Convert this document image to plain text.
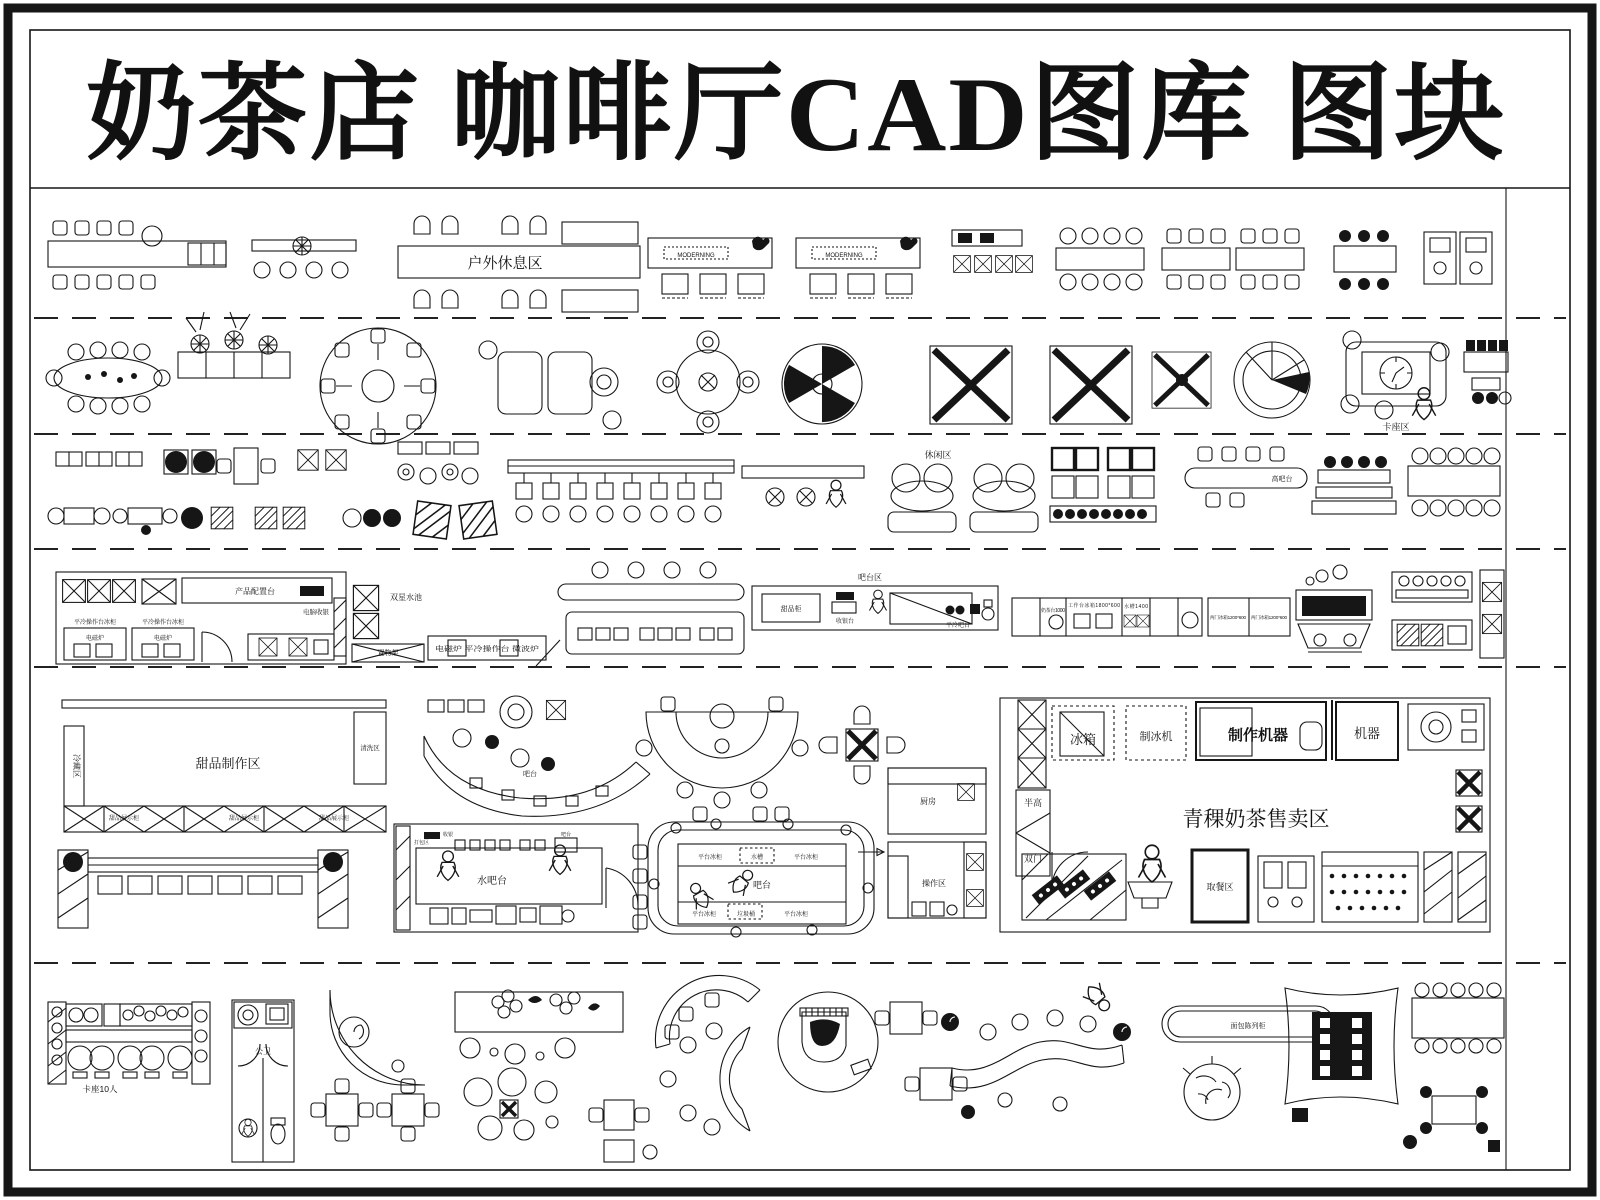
奶茶店 咖啡厅CAD图库 图块
户外休息区	MODERNING	MODERNING
卡座区
休闲区
高吧台
产品配置台
电脑收银
平冷操作台冰柜
电磁炉
平冷操作台冰柜
电磁炉
双星水池
置物架
电磁炉 平冷操作台 微波炉
吧台区
甜品柜
收银台
平冷吧台
奶茶台1000
工作台冰箱1800*600 水槽1400
两门冰箱1200*600 两门冰箱1200*600
冷藏区	甜品制作区
清洗区
甜品展示柜	甜品展示柜	甜品展示柜
吧台
厨房
操作区
冰箱	制冰机	制作机器	机器
半高
双门
青稞奶茶售卖区
取餐区
打包区
收银	吧台
水吧台
平台冰柜	水槽	平台冰柜
吧台
平台冰柜	垃圾桶	平台冰柜
卡座10人
公卫
面包陈列柜
